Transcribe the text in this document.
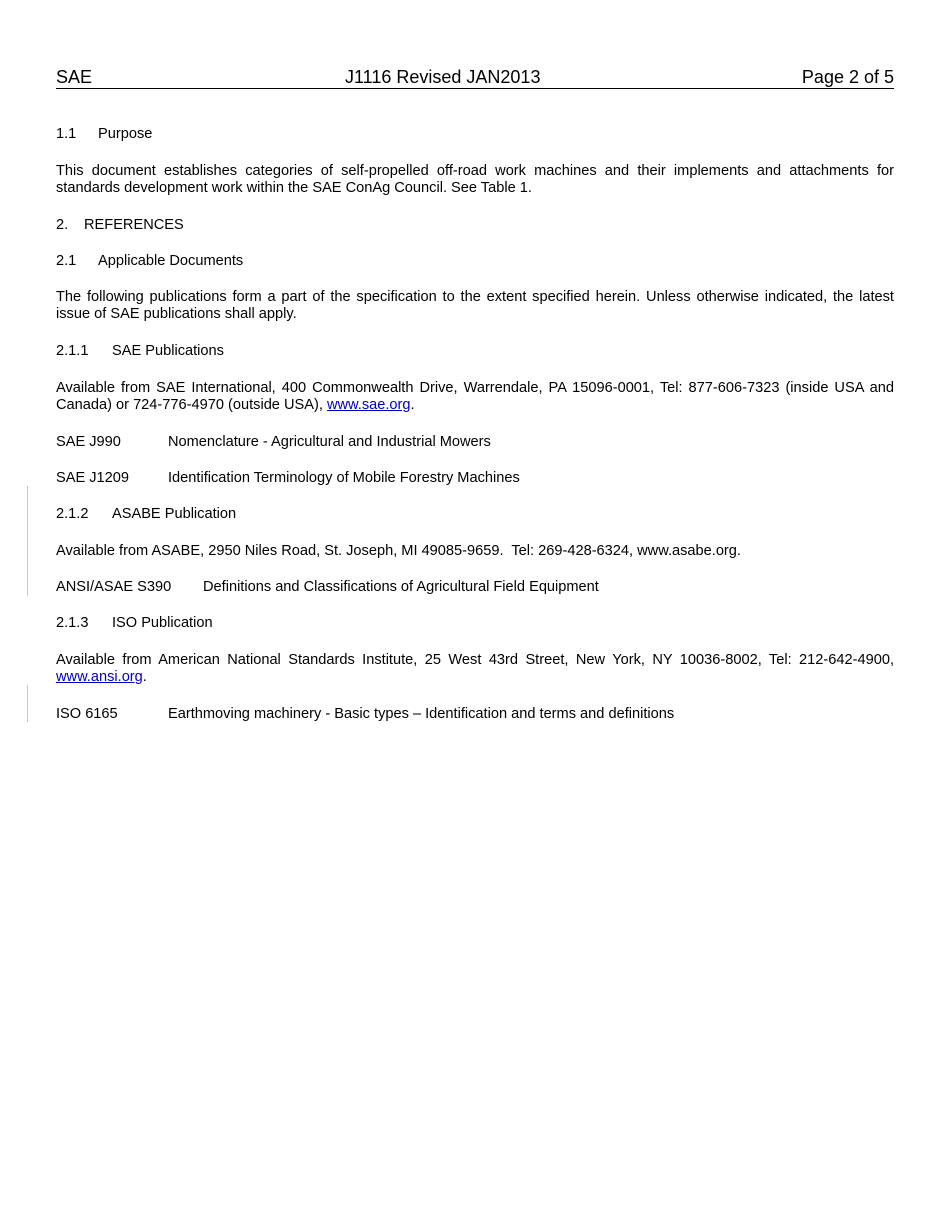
SAE	J1116 Revised JAN2013	Page 2 of 5
1.1 Purpose
This document establishes categories of self-propelled off-road work machines and their implements and attachments for standards development work within the SAE ConAg Council. See Table 1.
2. REFERENCES
2.1 Applicable Documents
The following publications form a part of the specification to the extent specified herein. Unless otherwise indicated, the latest issue of SAE publications shall apply.
2.1.1 SAE Publications
Available from SAE International, 400 Commonwealth Drive, Warrendale, PA 15096-0001, Tel: 877-606-7323 (inside USA and Canada) or 724-776-4970 (outside USA), www.sae.org.
SAE J990	Nomenclature - Agricultural and Industrial Mowers
SAE J1209	Identification Terminology of Mobile Forestry Machines
2.1.2 ASABE Publication
Available from ASABE, 2950 Niles Road, St. Joseph, MI 49085-9659.  Tel: 269-428-6324, www.asabe.org.
ANSI/ASAE S390 Definitions and Classifications of Agricultural Field Equipment
2.1.3 ISO Publication
Available from American National Standards Institute, 25 West 43rd Street, New York, NY 10036-8002, Tel: 212-642-4900, www.ansi.org.
ISO 6165	Earthmoving machinery - Basic types – Identification and terms and definitions
